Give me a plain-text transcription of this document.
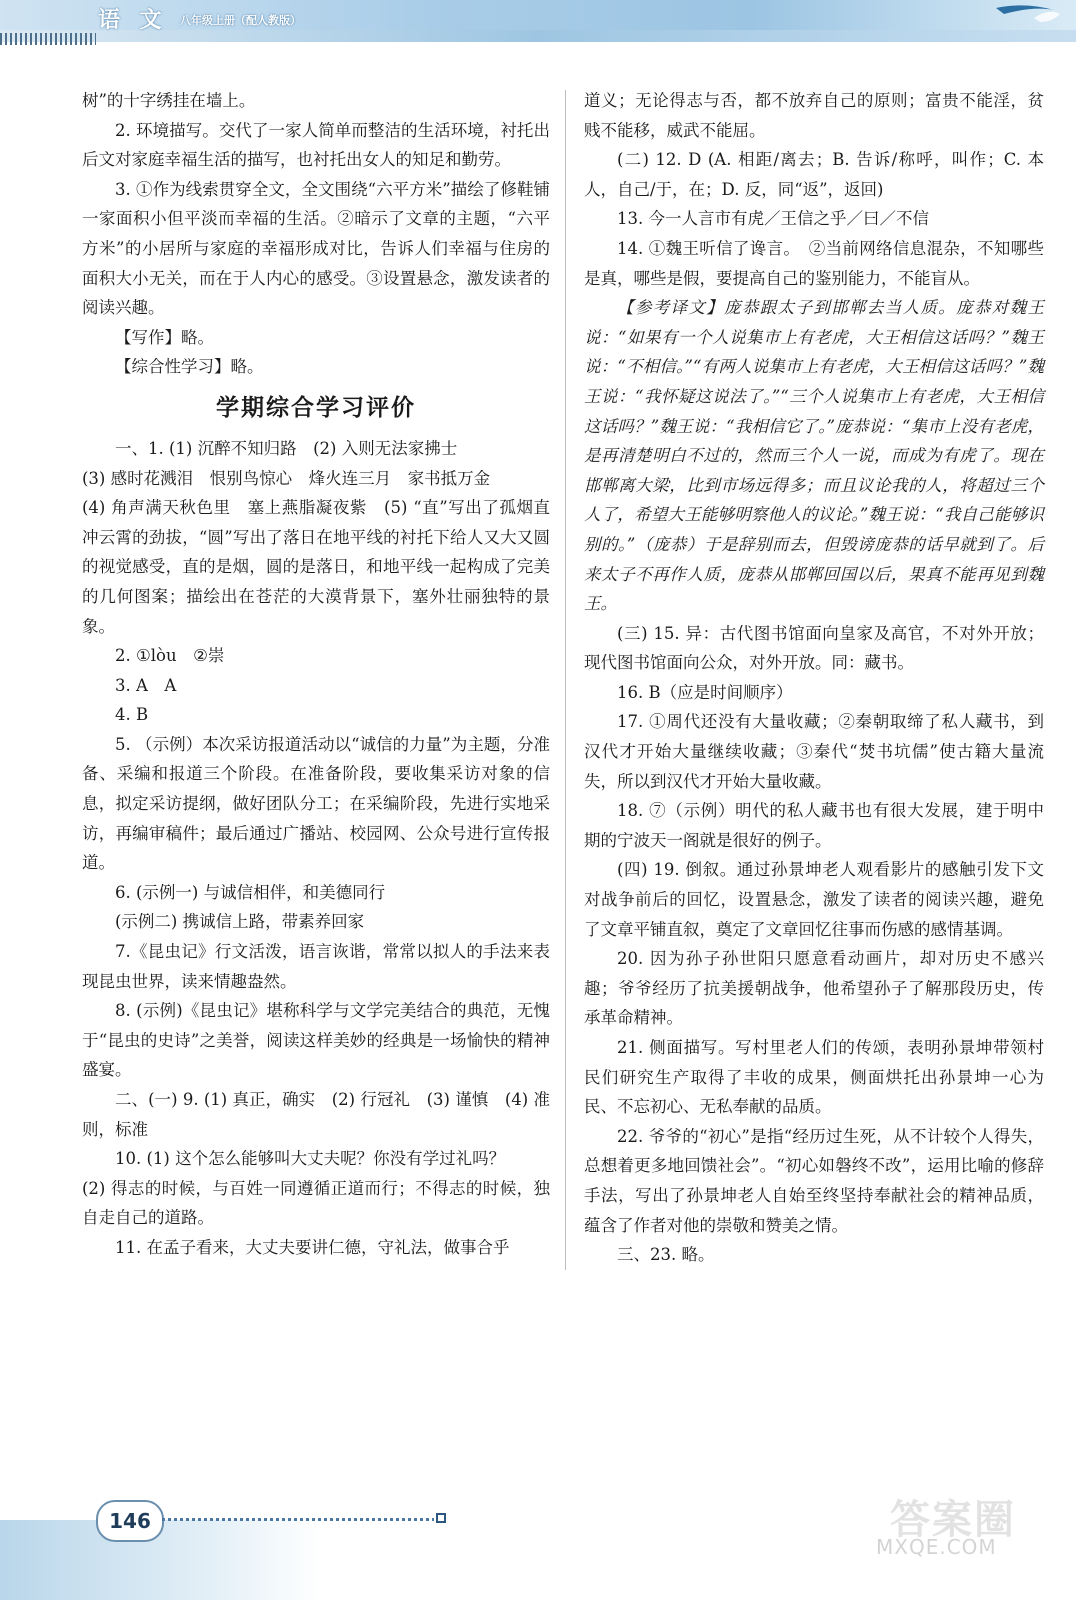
语 文 八年级上册（配人教版）

树”的十字绣挂在墙上。

2. 环境描写。交代了一家人简单而整洁的生活环境，衬托出后文对家庭幸福生活的描写，也衬托出女人的知足和勤劳。

3. ①作为线索贯穿全文，全文围绕“六平方米”描绘了修鞋铺一家面积小但平淡而幸福的生活。②暗示了文章的主题，“六平方米”的小居所与家庭的幸福形成对比，告诉人们幸福与住房的面积大小无关，而在于人内心的感受。③设置悬念，激发读者的阅读兴趣。

【写作】略。

【综合性学习】略。

学期综合学习评价

一、1. (1) 沉醉不知归路　(2) 入则无法家拂士

(3) 感时花溅泪　恨别鸟惊心　烽火连三月　家书抵万金

(4) 角声满天秋色里　塞上燕脂凝夜紫　(5) “直”写出了孤烟直冲云霄的劲拔，“圆”写出了落日在地平线的衬托下给人又大又圆的视觉感受，直的是烟，圆的是落日，和地平线一起构成了完美的几何图案；描绘出在苍茫的大漠背景下，塞外壮丽独特的景象。

2. ①lòu　②崇

3. A　A

4. B

5. （示例）本次采访报道活动以“诚信的力量”为主题，分准备、采编和报道三个阶段。在准备阶段，要收集采访对象的信息，拟定采访提纲，做好团队分工；在采编阶段，先进行实地采访，再编审稿件；最后通过广播站、校园网、公众号进行宣传报道。

6. (示例一) 与诚信相伴，和美德同行

(示例二) 携诚信上路，带素养回家

7.《昆虫记》行文活泼，语言诙谐，常常以拟人的手法来表现昆虫世界，读来情趣盎然。

8. (示例)《昆虫记》堪称科学与文学完美结合的典范，无愧于“昆虫的史诗”之美誉，阅读这样美妙的经典是一场愉快的精神盛宴。

二、(一) 9. (1) 真正，确实　(2) 行冠礼　(3) 谨慎　(4) 准则，标准

10. (1) 这个怎么能够叫大丈夫呢？你没有学过礼吗？

(2) 得志的时候，与百姓一同遵循正道而行；不得志的时候，独自走自己的道路。

11. 在孟子看来，大丈夫要讲仁德，守礼法，做事合乎

道义；无论得志与否，都不放弃自己的原则；富贵不能淫，贫贱不能移，威武不能屈。

(二) 12. D (A. 相距/离去；B. 告诉/称呼，叫作；C. 本人，自己/于，在；D. 反，同“返”，返回)

13. 今一人言市有虎／王信之乎／曰／不信

14. ①魏王听信了谗言。　②当前网络信息混杂，不知哪些是真，哪些是假，要提高自己的鉴别能力，不能盲从。

【参考译文】庞恭跟太子到邯郸去当人质。庞恭对魏王说：“如果有一个人说集市上有老虎，大王相信这话吗？”魏王说：“不相信。”“有两人说集市上有老虎，大王相信这话吗？”魏王说：“我怀疑这说法了。”“三个人说集市上有老虎，大王相信这话吗？”魏王说：“我相信它了。”庞恭说：“集市上没有老虎，是再清楚明白不过的，然而三个人一说，而成为有虎了。现在邯郸离大梁，比到市场远得多；而且议论我的人，将超过三个人了，希望大王能够明察他人的议论。”魏王说：“我自己能够识别的。”（庞恭）于是辞别而去，但毁谤庞恭的话早就到了。后来太子不再作人质，庞恭从邯郸回国以后，果真不能再见到魏王。

(三) 15. 异：古代图书馆面向皇家及高官，不对外开放；现代图书馆面向公众，对外开放。同：藏书。

16. B（应是时间顺序）

17. ①周代还没有大量收藏；②秦朝取缔了私人藏书，到汉代才开始大量继续收藏；③秦代“焚书坑儒”使古籍大量流失，所以到汉代才开始大量收藏。

18. ⑦（示例）明代的私人藏书也有很大发展，建于明中期的宁波天一阁就是很好的例子。

(四) 19. 倒叙。通过孙景坤老人观看影片的感触引发下文对战争前后的回忆，设置悬念，激发了读者的阅读兴趣，避免了文章平铺直叙，奠定了文章回忆往事而伤感的感情基调。

20. 因为孙子孙世阳只愿意看动画片，却对历史不感兴趣；爷爷经历了抗美援朝战争，他希望孙子了解那段历史，传承革命精神。

21. 侧面描写。写村里老人们的传颂，表明孙景坤带领村民们研究生产取得了丰收的成果，侧面烘托出孙景坤一心为民、不忘初心、无私奉献的品质。

22. 爷爷的“初心”是指“经历过生死，从不计较个人得失，总想着更多地回馈社会”。“初心如磐终不改”，运用比喻的修辞手法，写出了孙景坤老人自始至终坚持奉献社会的精神品质，蕴含了作者对他的崇敬和赞美之情。

三、23. 略。

146	答案圈
MXQE.COM
